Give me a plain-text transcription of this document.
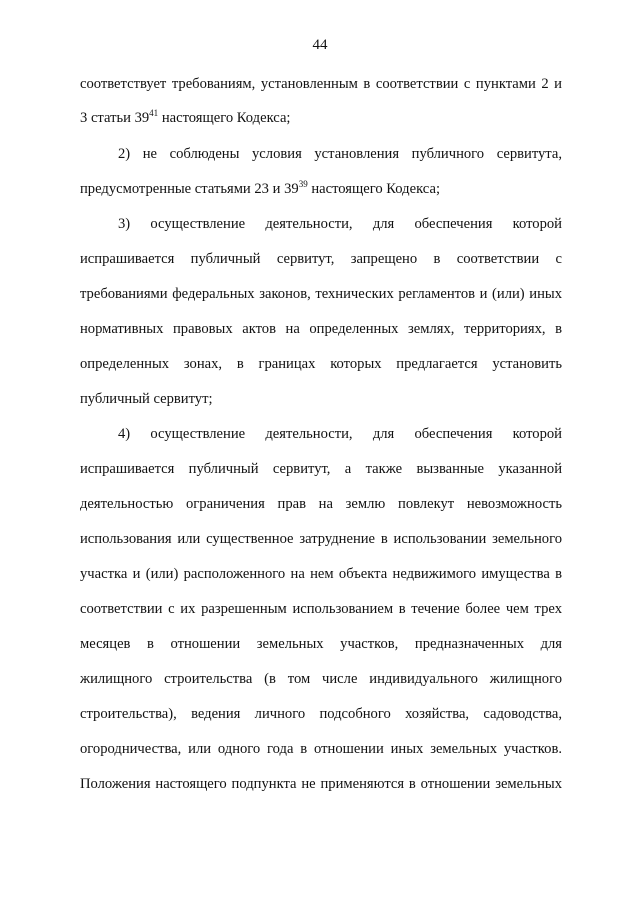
44
соответствует требованиям, установленным в соответствии с пунктами 2 и
3 статьи $39^{41}$ настоящего Кодекса;
2) не соблюдены условия установления публичного сервитута,
предусмотренные статьями 23 и $39^{39}$ настоящего Кодекса;
3) осуществление деятельности, для обеспечения которой
испрашивается публичный сервитут, запрещено в соответствии с
требованиями федеральных законов, технических регламентов и (или) иных
нормативных правовых актов на определенных землях, территориях, в
определенных зонах, в границах которых предлагается установить
публичный сервитут;
4) осуществление деятельности, для обеспечения которой
испрашивается публичный сервитут, а также вызванные указанной
деятельностью ограничения прав на землю повлекут невозможность
использования или существенное затруднение в использовании земельного
участка и (или) расположенного на нем объекта недвижимого имущества в
соответствии с их разрешенным использованием в течение более чем трех
месяцев в отношении земельных участков, предназначенных для
жилищного строительства (в том числе индивидуального жилищного
строительства), ведения личного подсобного хозяйства, садоводства,
огородничества, или одного года в отношении иных земельных участков.
Положения настоящего подпункта не применяются в отношении земельных
